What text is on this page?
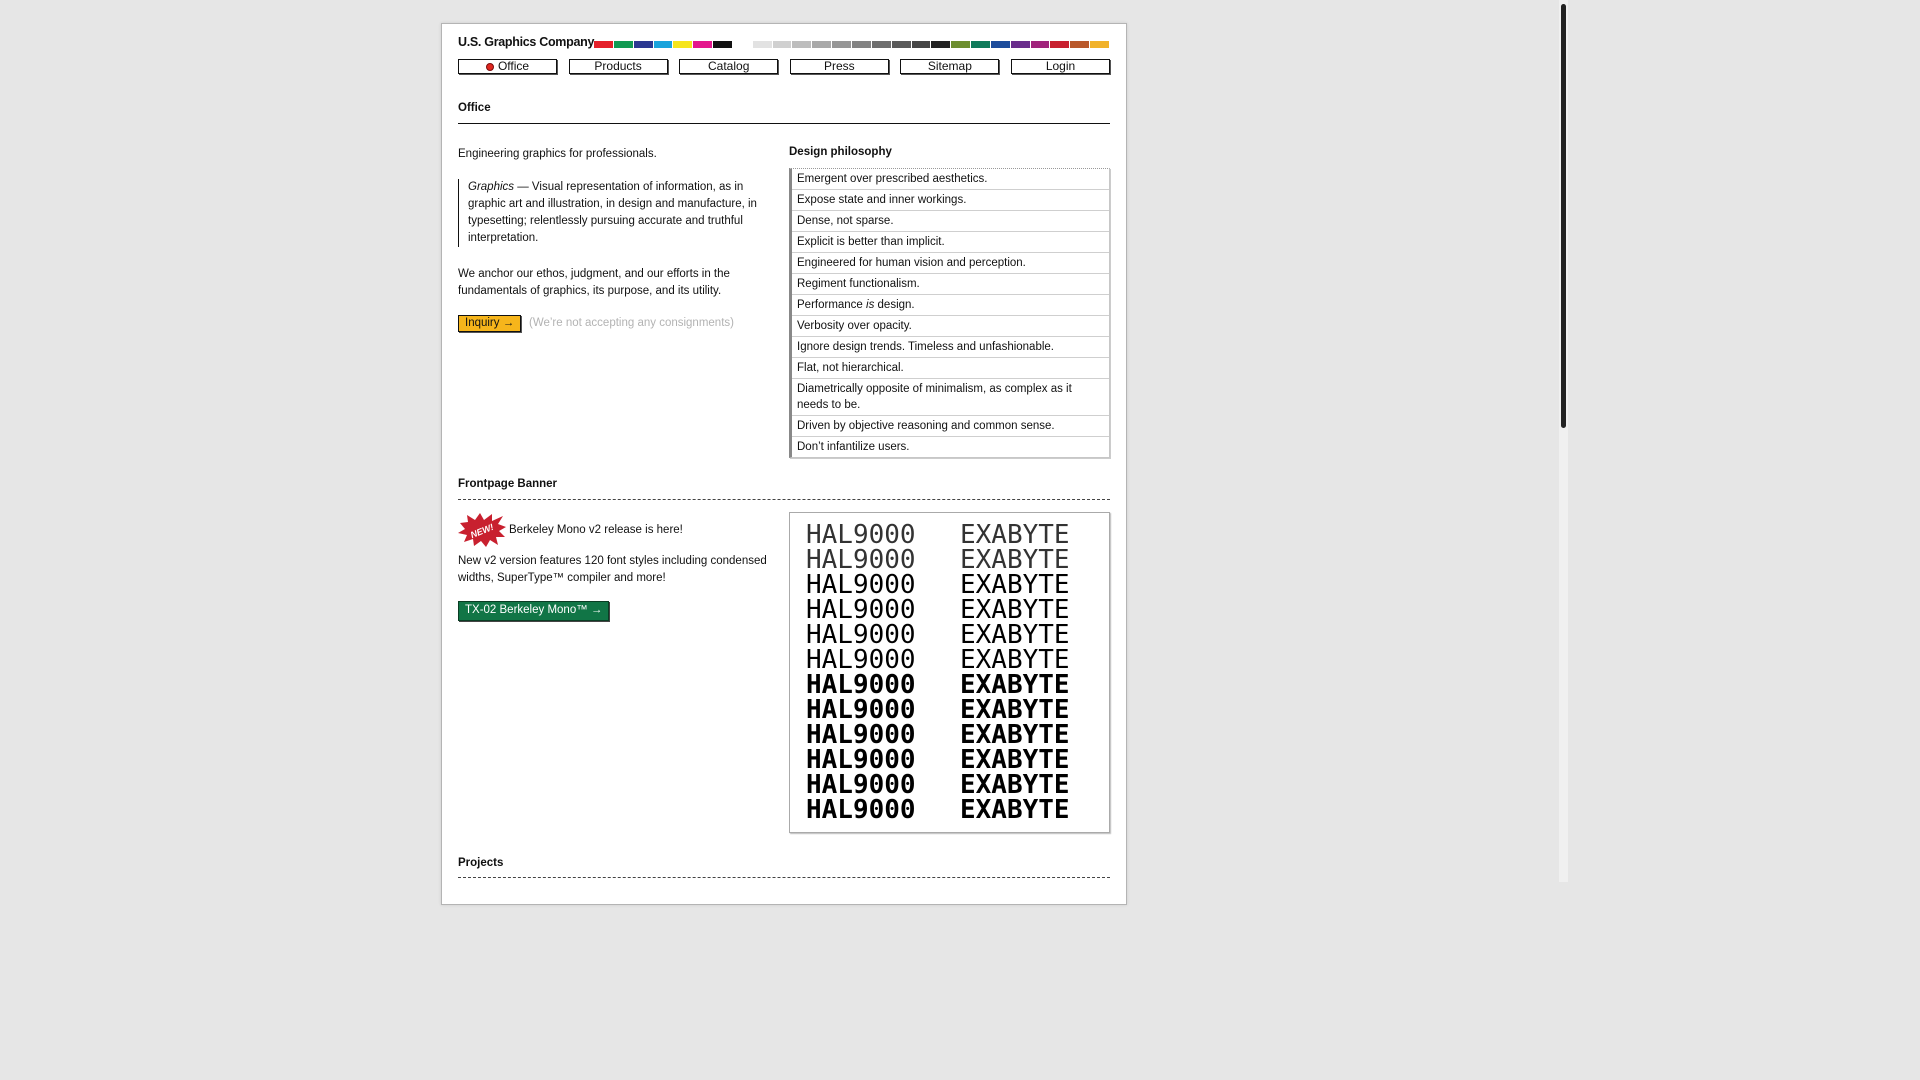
U.S. Graphics Company
Office	Products	Catalog	Press	Sitemap	Login
Office
Engineering graphics for professionals.
Graphics — Visual representation of information, as in graphic art and illustration, in design and manufacture, in typesetting; relentlessly pursuing accurate and truthful interpretation.
We anchor our ethos, judgment, and our efforts in the fundamentals of graphics, its purpose, and its utility.
Inquiry →	(We’re not accepting any consignments)
Design philosophy
Emergent over prescribed aesthetics.
Expose state and inner workings.
Dense, not sparse.
Explicit is better than implicit.
Engineered for human vision and perception.
Regiment functionalism.
Performance is design.
Verbosity over opacity.
Ignore design trends. Timeless and unfashionable.
Flat, not hierarchical.
Diametrically opposite of minimalism, as complex as it needs to be.
Driven by objective reasoning and common sense.
Don’t infantilize users.
Frontpage Banner
NEW! Berkeley Mono v2 release is here!
New v2 version features 120 font styles including condensed widths, SuperType™ compiler and more!
TX-02 Berkeley Mono™ →
HAL9000 EXABYTE
HAL9000 EXABYTE
HAL9000 EXABYTE
HAL9000 EXABYTE
HAL9000 EXABYTE
HAL9000 EXABYTE
HAL9000 EXABYTE
HAL9000 EXABYTE
HAL9000 EXABYTE
HAL9000 EXABYTE
HAL9000 EXABYTE
HAL9000 EXABYTE
Projects
